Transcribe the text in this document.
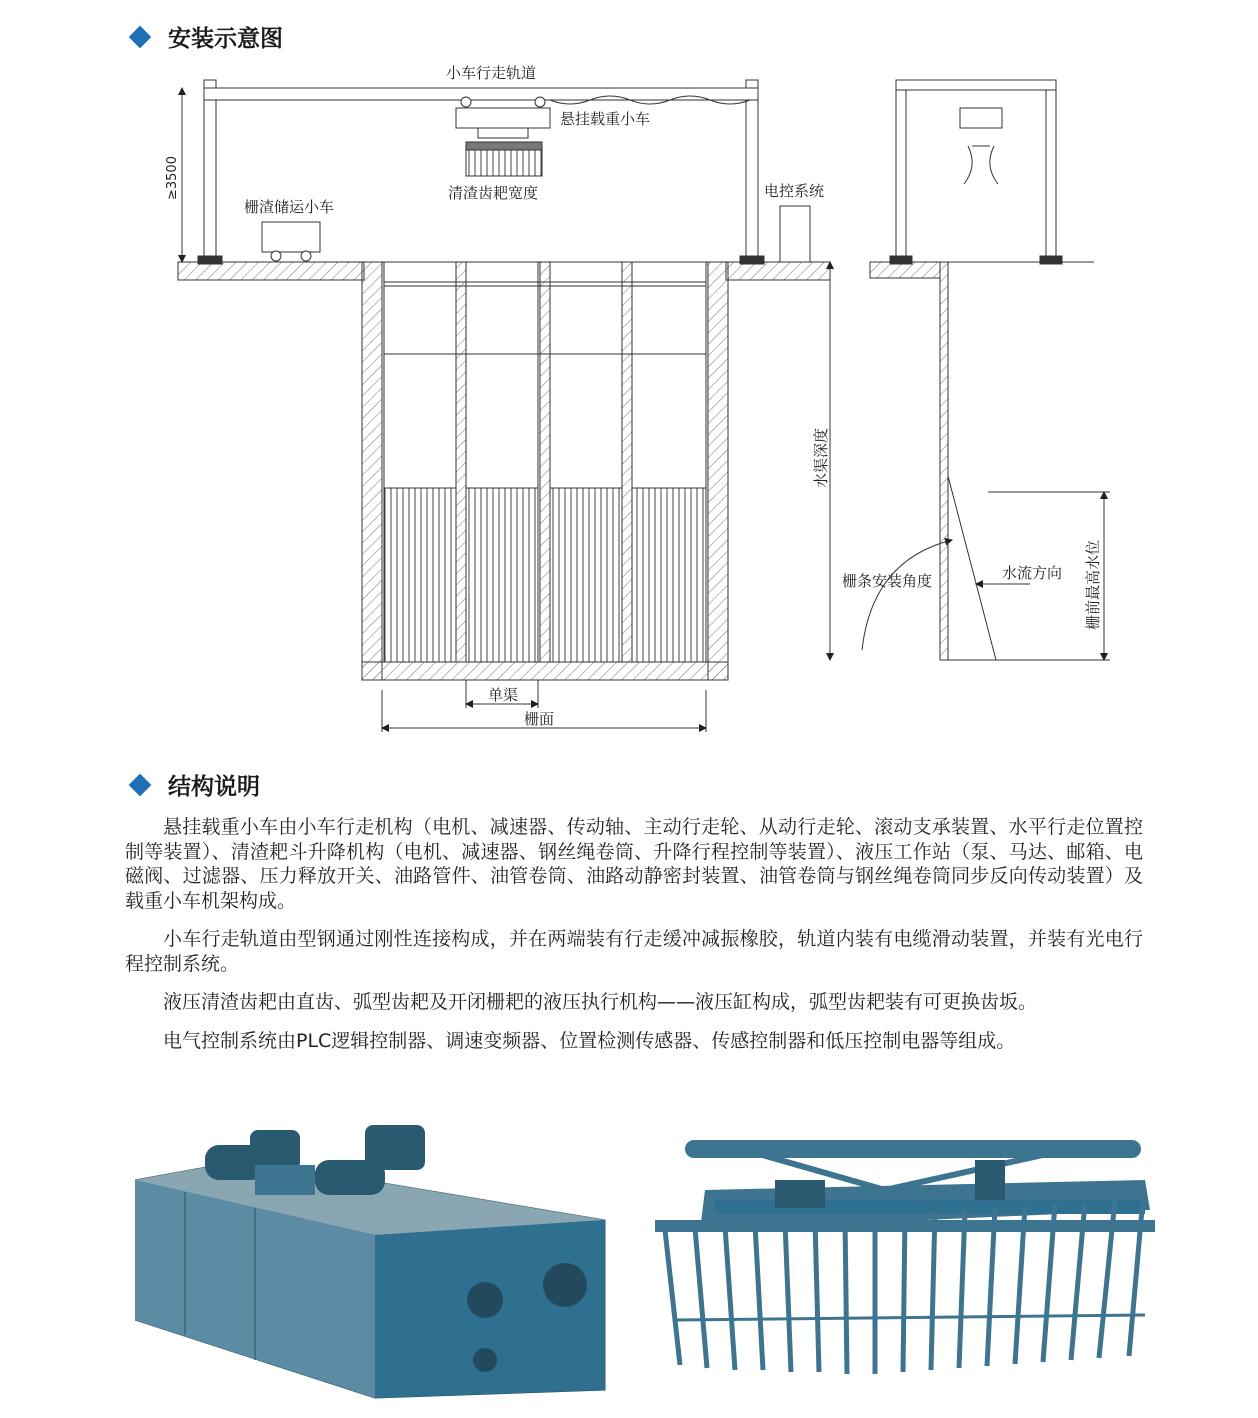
安装示意图
≥3500
小车行走轨道
悬挂载重小车
清渣齿耙宽度
栅渣储运小车
电控系统
水渠深度
栅条安装角度	水流方向 栅前最高水位
单渠
栅面
结构说明

悬挂载重小车由小车行走机构（电机、减速器、传动轴、主动行走轮、从动行走轮、滚动支承装置、水平行走位置控制等装置）、清渣耙斗升降机构（电机、减速器、钢丝绳卷筒、升降行程控制等装置）、液压工作站（泵、马达、邮箱、电磁阀、过滤器、压力释放开关、油路管件、油管卷筒、油路动静密封装置、油管卷筒与钢丝绳卷筒同步反向传动装置）及载重小车机架构成。

小车行走轨道由型钢通过刚性连接构成，并在两端装有行走缓冲减振橡胶，轨道内装有电缆滑动装置，并装有光电行程控制系统。

液压清渣齿耙由直齿、弧型齿耙及开闭栅耙的液压执行机构——液压缸构成，弧型齿耙装有可更换齿坂。

电气控制系统由PLC逻辑控制器、调速变频器、位置检测传感器、传感控制器和低压控制电器等组成。
